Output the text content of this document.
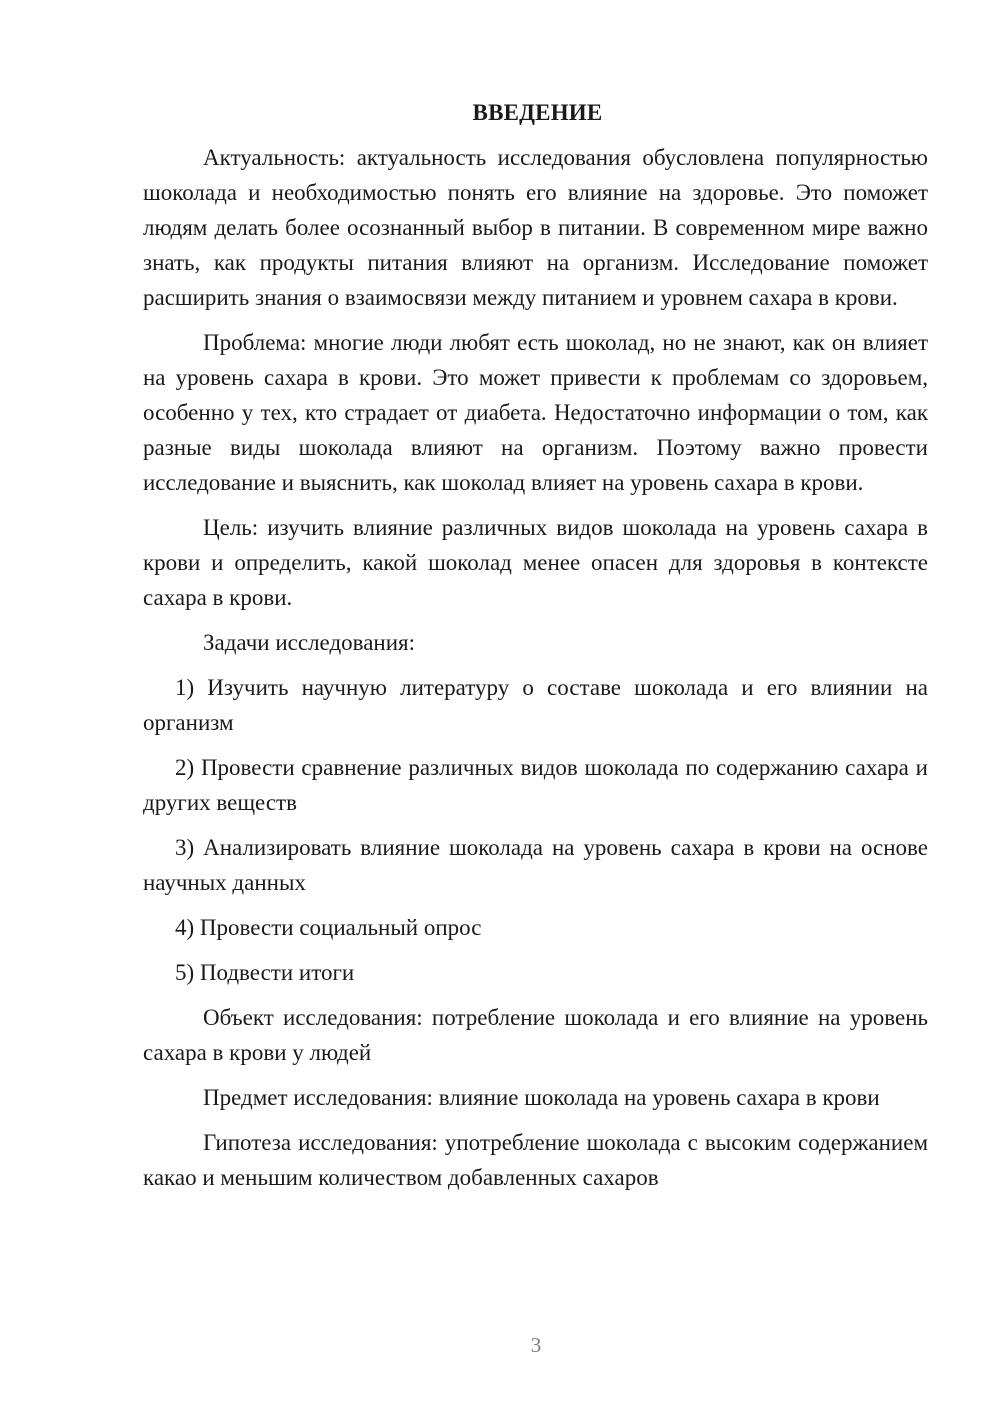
ВВЕДЕНИЕ

Актуальность: актуальность исследования обусловлена популярностью шоколада и необходимостью понять его влияние на здоровье. Это поможет людям делать более осознанный выбор в питании. В современном мире важно знать, как продукты питания влияют на организм. Исследование поможет расширить знания о взаимосвязи между питанием и уровнем сахара в крови.

Проблема: многие люди любят есть шоколад, но не знают, как он влияет на уровень сахара в крови. Это может привести к проблемам со здоровьем, особенно у тех, кто страдает от диабета. Недостаточно информации о том, как разные виды шоколада влияют на организм. Поэтому важно провести исследование и выяснить, как шоколад влияет на уровень сахара в крови.

Цель: изучить влияние различных видов шоколада на уровень сахара в крови и определить, какой шоколад менее опасен для здоровья в контексте сахара в крови.

Задачи исследования:

1) Изучить научную литературу о составе шоколада и его влиянии на организм

2) Провести сравнение различных видов шоколада по содержанию сахара и других веществ

3) Анализировать влияние шоколада на уровень сахара в крови на основе научных данных

4) Провести социальный опрос

5) Подвести итоги

Объект исследования: потребление шоколада и его влияние на уровень сахара в крови у людей

Предмет исследования: влияние шоколада на уровень сахара в крови

Гипотеза исследования: употребление шоколада с высоким содержанием какао и меньшим количеством добавленных сахаров

3
